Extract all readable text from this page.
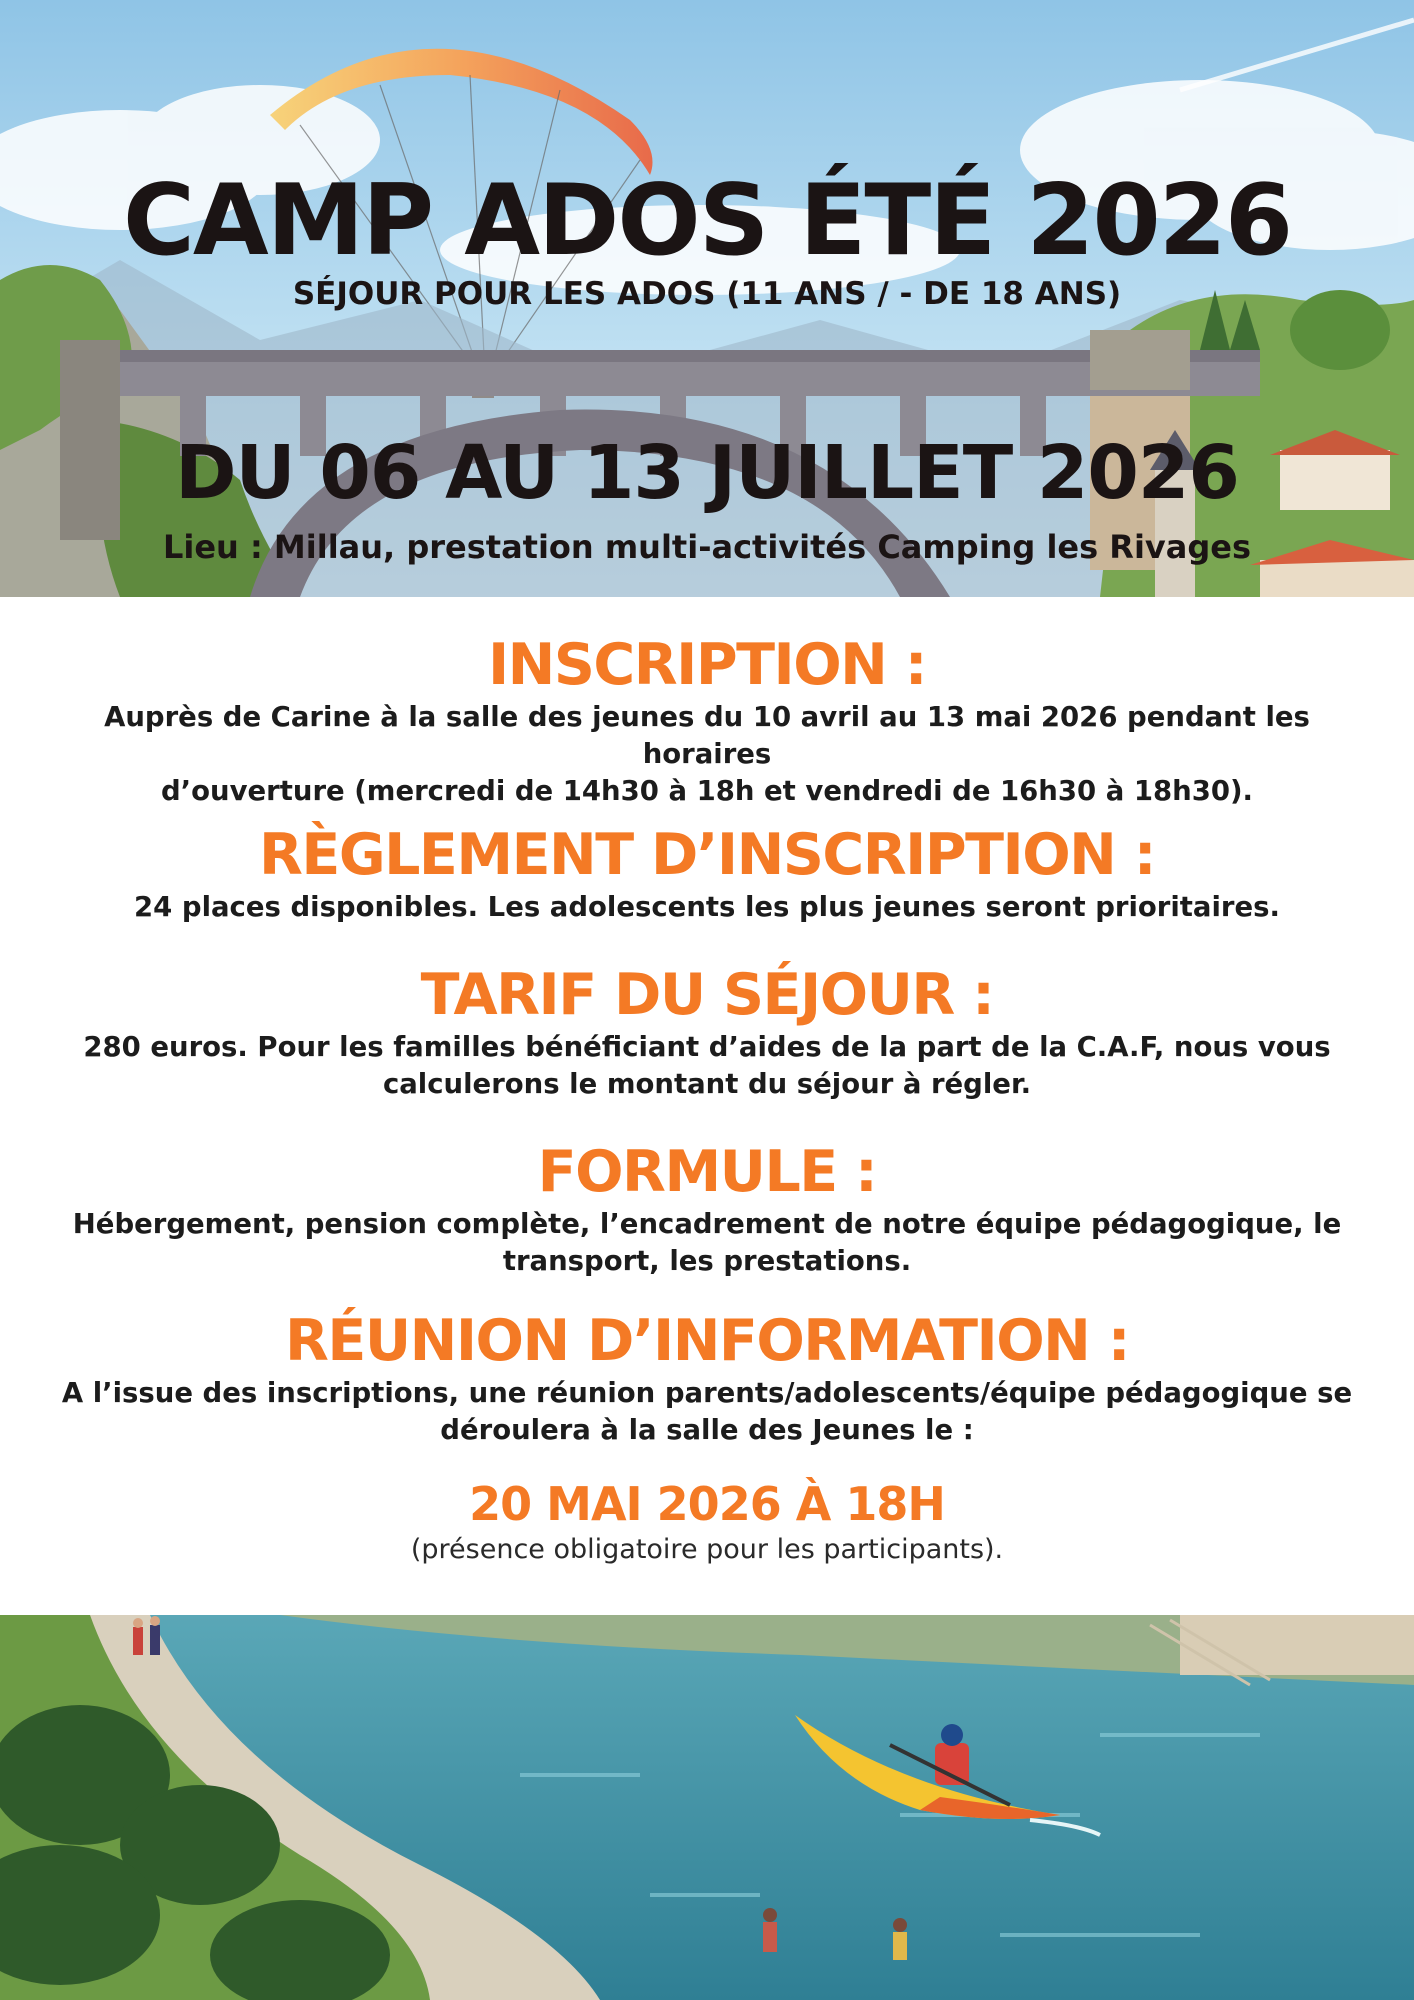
CAMP ADOS ÉTÉ 2026
SÉJOUR POUR LES ADOS (11 ANS / - DE 18 ANS)
DU 06 AU 13 JUILLET 2026
Lieu : Millau, prestation multi-activités Camping les Rivages
INSCRIPTION :
Auprès de Carine à la salle des jeunes du 10 avril au 13 mai 2026 pendant les horaires
d’ouverture (mercredi de 14h30 à 18h et vendredi de 16h30 à 18h30).
RÈGLEMENT D’INSCRIPTION :
24 places disponibles. Les adolescents les plus jeunes seront prioritaires.
TARIF DU SÉJOUR :
280 euros. Pour les familles bénéficiant d’aides de la part de la C.A.F, nous vous
calculerons le montant du séjour à régler.
FORMULE :
Hébergement, pension complète, l’encadrement de notre équipe pédagogique, le
transport, les prestations.
RÉUNION D’INFORMATION :
A l’issue des inscriptions, une réunion parents/adolescents/équipe pédagogique se
déroulera à la salle des Jeunes le :
20 MAI 2026 À 18H
(présence obligatoire pour les participants).
